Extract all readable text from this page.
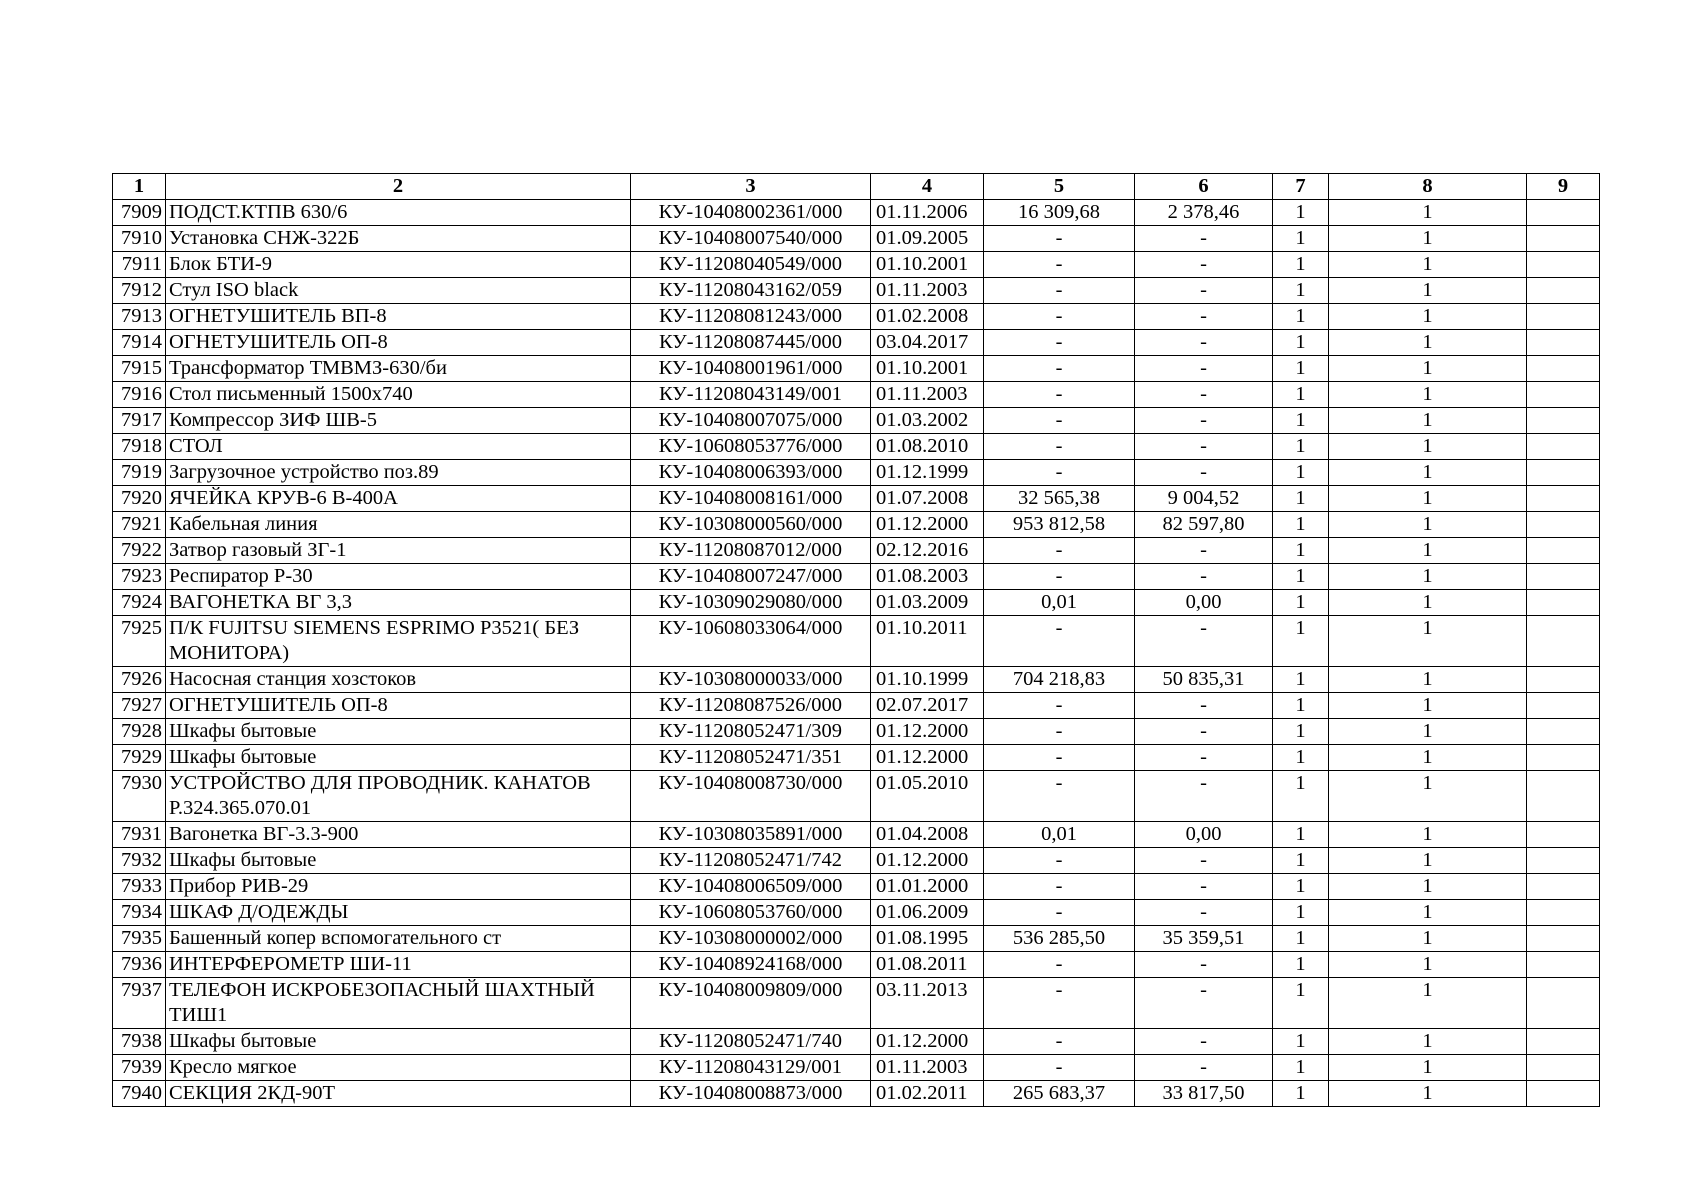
1	2	3	4	5	6	7	8	9
7909	ПОДСТ.КТПВ 630/6	КУ-10408002361/000	01.11.2006	16 309,68	2 378,46	1	1	
7910	Установка СНЖ-322Б	КУ-10408007540/000	01.09.2005	-	-	1	1	
7911	Блок БТИ-9	КУ-11208040549/000	01.10.2001	-	-	1	1	
7912	Стул ISO black	КУ-11208043162/059	01.11.2003	-	-	1	1	
7913	ОГНЕТУШИТЕЛЬ ВП-8	КУ-11208081243/000	01.02.2008	-	-	1	1	
7914	ОГНЕТУШИТЕЛЬ ОП-8	КУ-11208087445/000	03.04.2017	-	-	1	1	
7915	Трансформатор ТМВМЗ-630/би	КУ-10408001961/000	01.10.2001	-	-	1	1	
7916	Стол письменный 1500х740	КУ-11208043149/001	01.11.2003	-	-	1	1	
7917	Компрессор ЗИФ ШВ-5	КУ-10408007075/000	01.03.2002	-	-	1	1	
7918	СТОЛ	КУ-10608053776/000	01.08.2010	-	-	1	1	
7919	Загрузочное устройство поз.89	КУ-10408006393/000	01.12.1999	-	-	1	1	
7920	ЯЧЕЙКА КРУВ-6 В-400А	КУ-10408008161/000	01.07.2008	32 565,38	9 004,52	1	1	
7921	Кабельная линия	КУ-10308000560/000	01.12.2000	953 812,58	82 597,80	1	1	
7922	Затвор газовый ЗГ-1	КУ-11208087012/000	02.12.2016	-	-	1	1	
7923	Респиратор Р-30	КУ-10408007247/000	01.08.2003	-	-	1	1	
7924	ВАГОНЕТКА ВГ 3,3	КУ-10309029080/000	01.03.2009	0,01	0,00	1	1	
7925	П/К FUJITSU SIEMENS ESPRIMO P3521( БЕЗ МОНИТОРА)	КУ-10608033064/000	01.10.2011	-	-	1	1	
7926	Насосная станция хозстоков	КУ-10308000033/000	01.10.1999	704 218,83	50 835,31	1	1	
7927	ОГНЕТУШИТЕЛЬ ОП-8	КУ-11208087526/000	02.07.2017	-	-	1	1	
7928	Шкафы бытовые	КУ-11208052471/309	01.12.2000	-	-	1	1	
7929	Шкафы бытовые	КУ-11208052471/351	01.12.2000	-	-	1	1	
7930	УСТРОЙСТВО ДЛЯ ПРОВОДНИК. КАНАТОВ Р.324.365.070.01	КУ-10408008730/000	01.05.2010	-	-	1	1	
7931	Вагонетка ВГ-3.3-900	КУ-10308035891/000	01.04.2008	0,01	0,00	1	1	
7932	Шкафы бытовые	КУ-11208052471/742	01.12.2000	-	-	1	1	
7933	Прибор РИВ-29	КУ-10408006509/000	01.01.2000	-	-	1	1	
7934	ШКАФ Д/ОДЕЖДЫ	КУ-10608053760/000	01.06.2009	-	-	1	1	
7935	Башенный копер вспомогательного ст	КУ-10308000002/000	01.08.1995	536 285,50	35 359,51	1	1	
7936	ИНТЕРФЕРОМЕТР ШИ-11	КУ-10408924168/000	01.08.2011	-	-	1	1	
7937	ТЕЛЕФОН ИСКРОБЕЗОПАСНЫЙ ШАХТНЫЙ ТИШ1	КУ-10408009809/000	03.11.2013	-	-	1	1	
7938	Шкафы бытовые	КУ-11208052471/740	01.12.2000	-	-	1	1	
7939	Кресло мягкое	КУ-11208043129/001	01.11.2003	-	-	1	1	
7940	СЕКЦИЯ 2КД-90Т	КУ-10408008873/000	01.02.2011	265 683,37	33 817,50	1	1	
